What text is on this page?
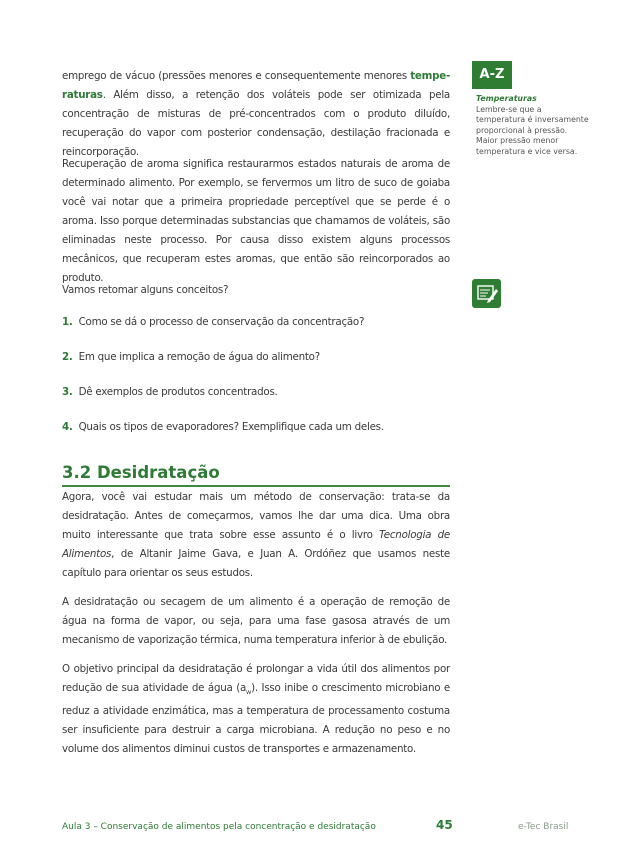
emprego de vácuo (pressões menores e consequentemente menores tempe-raturas. Além disso, a retenção dos voláteis pode ser otimizada pela concentração de misturas de pré-concentrados com o produto diluído, recuperação do vapor com posterior condensação, destilação fracionada e reincorporação.

Recuperação de aroma significa restaurarmos estados naturais de aroma de determinado alimento. Por exemplo, se fervermos um litro de suco de goiaba você vai notar que a primeira propriedade perceptível que se perde é o aroma. Isso porque determinadas substancias que chamamos de voláteis, são eliminadas neste processo. Por causa disso existem alguns processos mecânicos, que recuperam estes aromas, que então são reincorporados ao produto.

Vamos retomar alguns conceitos?

1. Como se dá o processo de conservação da concentração?
2. Em que implica a remoção de água do alimento?
3. Dê exemplos de produtos concentrados.
4. Quais os tipos de evaporadores? Exemplifique cada um deles.
3.2 Desidratação

Agora, você vai estudar mais um método de conservação: trata-se da desidratação. Antes de começarmos, vamos lhe dar uma dica. Uma obra muito interessante que trata sobre esse assunto é o livro Tecnologia de Alimentos, de Altanir Jaime Gava, e Juan A. Ordóñez que usamos neste capítulo para orientar os seus estudos.

A desidratação ou secagem de um alimento é a operação de remoção de água na forma de vapor, ou seja, para uma fase gasosa através de um mecanismo de vaporização térmica, numa temperatura inferior à de ebulição.

O objetivo principal da desidratação é prolongar a vida útil dos alimentos por redução de sua atividade de água $(a_w)$. Isso inibe o crescimento microbiano e reduz a atividade enzimática, mas a temperatura de processamento costuma ser insuficiente para destruir a carga microbiana. A redução no peso e no volume dos alimentos diminui custos de transportes e armazenamento.

A-Z
Temperaturas
Lembre-se que a temperatura é inversamente proporcional à pressão. Maior pressão menor temperatura e vice versa.
Aula 3 – Conservação de alimentos pela concentração e desidratação	45	e-Tec Brasil
